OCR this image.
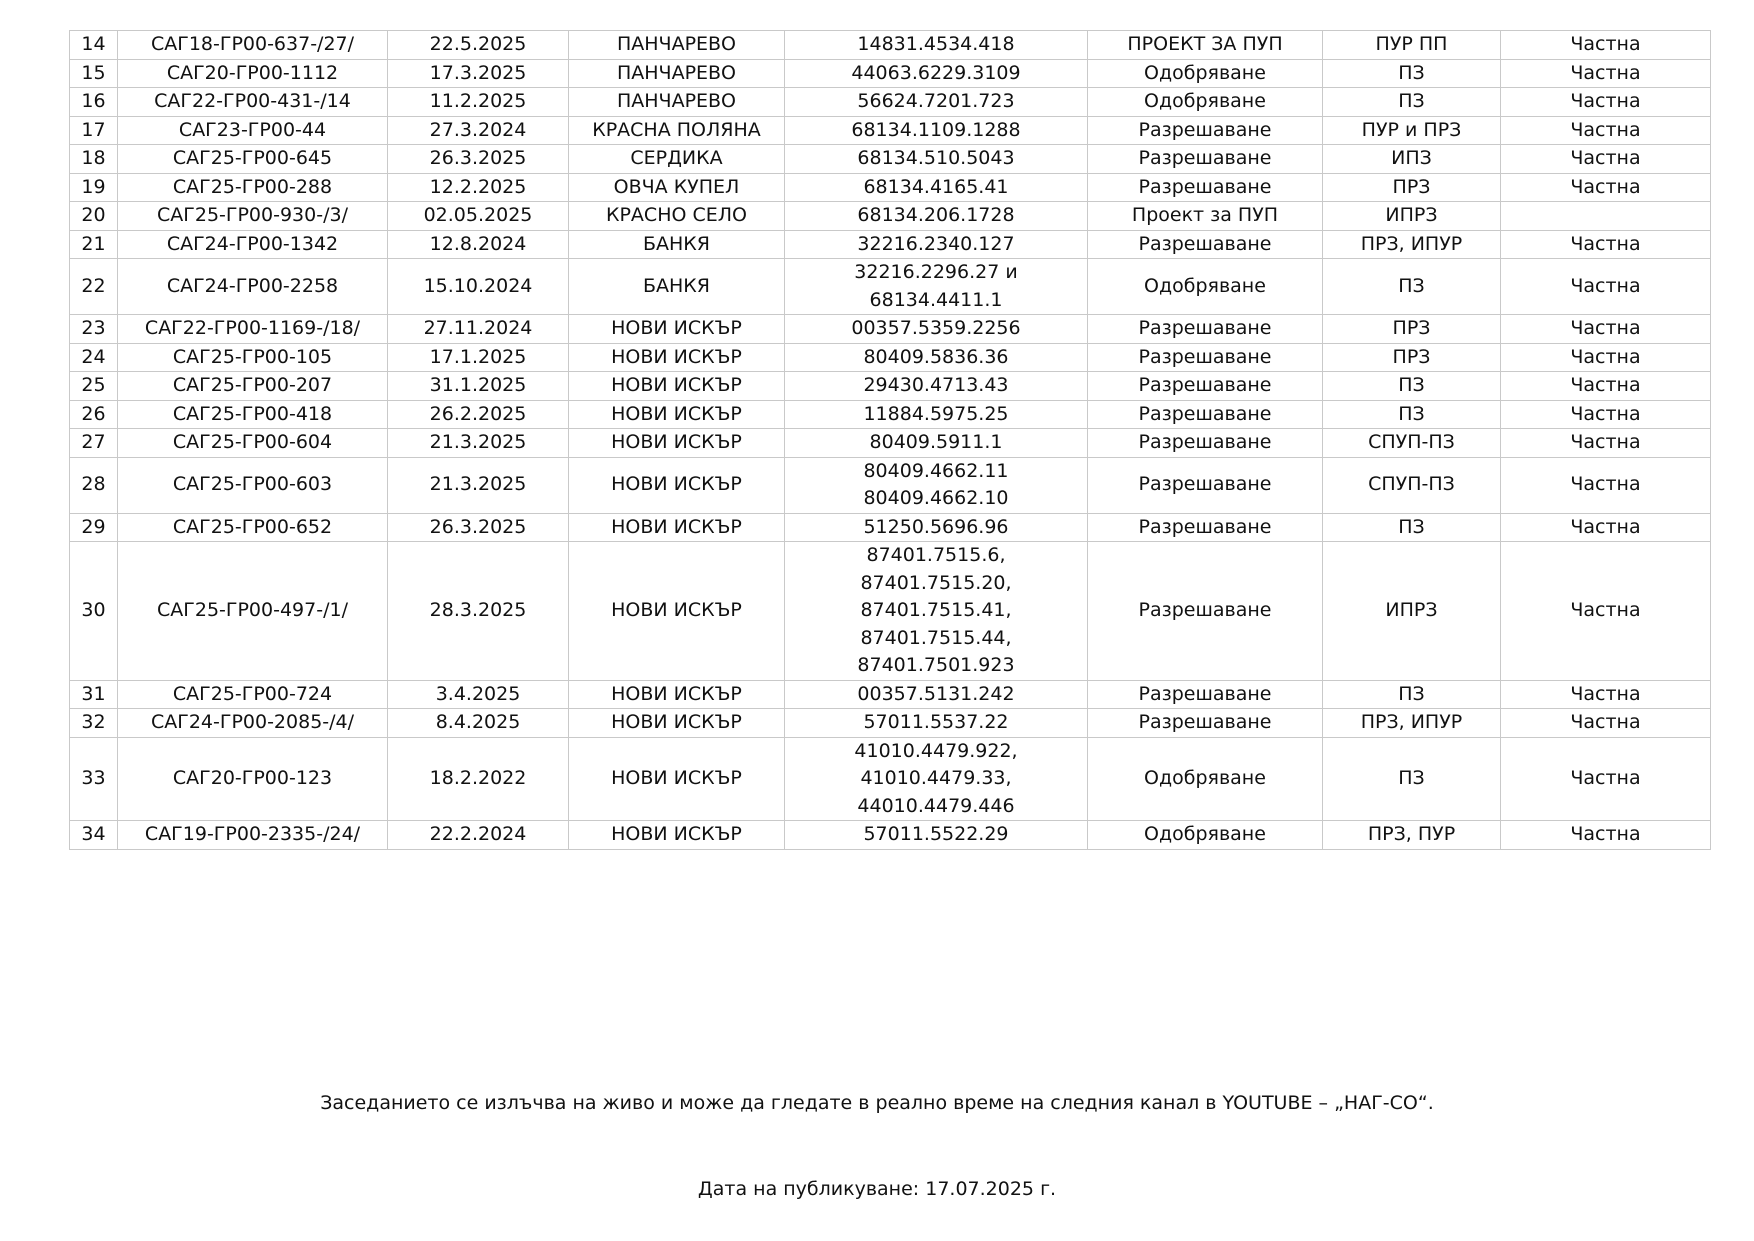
14	САГ18-ГР00-637-/27/	22.5.2025	ПАНЧАРЕВО	14831.4534.418	ПРОЕКТ ЗА ПУП	ПУР ПП	Частна
15	САГ20-ГР00-1112	17.3.2025	ПАНЧАРЕВО	44063.6229.3109	Одобряване	ПЗ	Частна
16	САГ22-ГР00-431-/14	11.2.2025	ПАНЧАРЕВО	56624.7201.723	Одобряване	ПЗ	Частна
17	САГ23-ГР00-44	27.3.2024	КРАСНА ПОЛЯНА	68134.1109.1288	Разрешаване	ПУР и ПРЗ	Частна
18	САГ25-ГР00-645	26.3.2025	СЕРДИКА	68134.510.5043	Разрешаване	ИПЗ	Частна
19	САГ25-ГР00-288	12.2.2025	ОВЧА КУПЕЛ	68134.4165.41	Разрешаване	ПРЗ	Частна
20	САГ25-ГР00-930-/3/	02.05.2025	КРАСНО СЕЛО	68134.206.1728	Проект за ПУП	ИПРЗ	
21	САГ24-ГР00-1342	12.8.2024	БАНКЯ	32216.2340.127	Разрешаване	ПРЗ, ИПУР	Частна
22	САГ24-ГР00-2258	15.10.2024	БАНКЯ	32216.2296.27 и
68134.4411.1	Одобряване	ПЗ	Частна
23	САГ22-ГР00-1169-/18/	27.11.2024	НОВИ ИСКЪР	00357.5359.2256	Разрешаване	ПРЗ	Частна
24	САГ25-ГР00-105	17.1.2025	НОВИ ИСКЪР	80409.5836.36	Разрешаване	ПРЗ	Частна
25	САГ25-ГР00-207	31.1.2025	НОВИ ИСКЪР	29430.4713.43	Разрешаване	ПЗ	Частна
26	САГ25-ГР00-418	26.2.2025	НОВИ ИСКЪР	11884.5975.25	Разрешаване	ПЗ	Частна
27	САГ25-ГР00-604	21.3.2025	НОВИ ИСКЪР	80409.5911.1	Разрешаване	СПУП-ПЗ	Частна
28	САГ25-ГР00-603	21.3.2025	НОВИ ИСКЪР	80409.4662.11
80409.4662.10	Разрешаване	СПУП-ПЗ	Частна
29	САГ25-ГР00-652	26.3.2025	НОВИ ИСКЪР	51250.5696.96	Разрешаване	ПЗ	Частна
30	САГ25-ГР00-497-/1/	28.3.2025	НОВИ ИСКЪР	87401.7515.6,
87401.7515.20,
87401.7515.41,
87401.7515.44,
87401.7501.923	Разрешаване	ИПРЗ	Частна
31	САГ25-ГР00-724	3.4.2025	НОВИ ИСКЪР	00357.5131.242	Разрешаване	ПЗ	Частна
32	САГ24-ГР00-2085-/4/	8.4.2025	НОВИ ИСКЪР	57011.5537.22	Разрешаване	ПРЗ, ИПУР	Частна
33	САГ20-ГР00-123	18.2.2022	НОВИ ИСКЪР	41010.4479.922,
41010.4479.33,
44010.4479.446	Одобряване	ПЗ	Частна
34	САГ19-ГР00-2335-/24/	22.2.2024	НОВИ ИСКЪР	57011.5522.29	Одобряване	ПРЗ, ПУР	Частна
Заседанието се излъчва на живо и може да гледате в реално време на следния канал в YOUTUBE – „НАГ-СО“.
Дата на публикуване: 17.07.2025 г.
